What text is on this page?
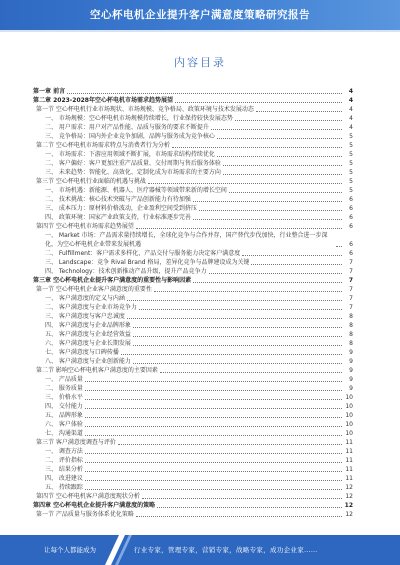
空心杯电机企业提升客户满意度策略研究报告
内容目录
第一章 前言	4
第二章 2023-2028年空心杯电机市场需求趋势展望	4
第一节 空心杯电机行业市场现状、市场规模、竞争格局、政策环境与技术发展动态	4
一、 市场规模：空心杯电机市场规模持续增长，行业保持较快发展态势	4
二、 用户需求：用户对产品性能、品质与服务的要求不断提升	4
三、 竞争格局：国内外企业竞争加剧，品牌与服务成为竞争核心	5
第二节 空心杯电机市场需求特点与消费者行为分析	5
一、 市场需求：下游应用领域不断扩展，市场需求结构持续优化	5
二、 客户偏好：客户更加注重产品质量、交付周期与售后服务体验	5
三、 未来趋势：智能化、高效化、定制化成为市场需求的主要方向	5
第三节 空心杯电机行业面临的机遇与挑战	5
一、 市场机遇：新能源、机器人、医疗器械等领域带来新的增长空间	5
二、 技术挑战：核心技术突破与产品创新能力有待加强	6
三、 成本压力：原材料价格波动，企业盈利空间受到挤压	6
四、 政策环境：国家产业政策支持，行业标准逐步完善	6
第四节 空心杯电机市场需求趋势展望	6
一、 Market 市场：产品需求量持续增长，全球化竞争与合作并存，国产替代步伐加快，行业整合进一步深化，为空心杯电机企业带来发展机遇	6
二、 Fulfillment：客户需求多样化，产品交付与服务能力决定客户满意度	6
三、 Landscape：竞争 Rival Brand 格局，差异化竞争与品牌建设成为关键	7
四、 Technology：技术创新推动产品升级，提升产品竞争力	7
第三章 空心杯电机企业提升客户满意度的重要性与影响因素	7
第一节 空心杯电机企业客户满意度的重要性	7
一、 客户满意度的定义与内涵	7
二、 客户满意度与企业市场竞争力	7
三、 客户满意度与客户忠诚度	8
四、 客户满意度与企业品牌形象	8
五、 客户满意度与企业经营效益	8
六、 客户满意度与企业长期发展	8
七、 客户满意度与口碑传播	9
八、 客户满意度与企业创新能力	9
第二节 影响空心杯电机客户满意度的主要因素	9
一、 产品质量	9
二、 服务质量	9
三、 价格水平	10
四、 交付能力	10
五、 品牌形象	10
六、 客户体验	10
七、 沟通渠道	10
第三节 客户满意度调查与评价	11
一、 调查方法	11
二、 评价指标	11
三、 结果分析	11
四、 改进建议	11
五、 持续跟踪	12
第四节 空心杯电机客户满意度现状分析	12
第四章 空心杯电机企业提升客户满意度的策略	12
第一节 产品质量与服务体系优化策略	12
让每个人都能成为	行业专家，管理专家，营销专家，战略专家，成功企业家……
